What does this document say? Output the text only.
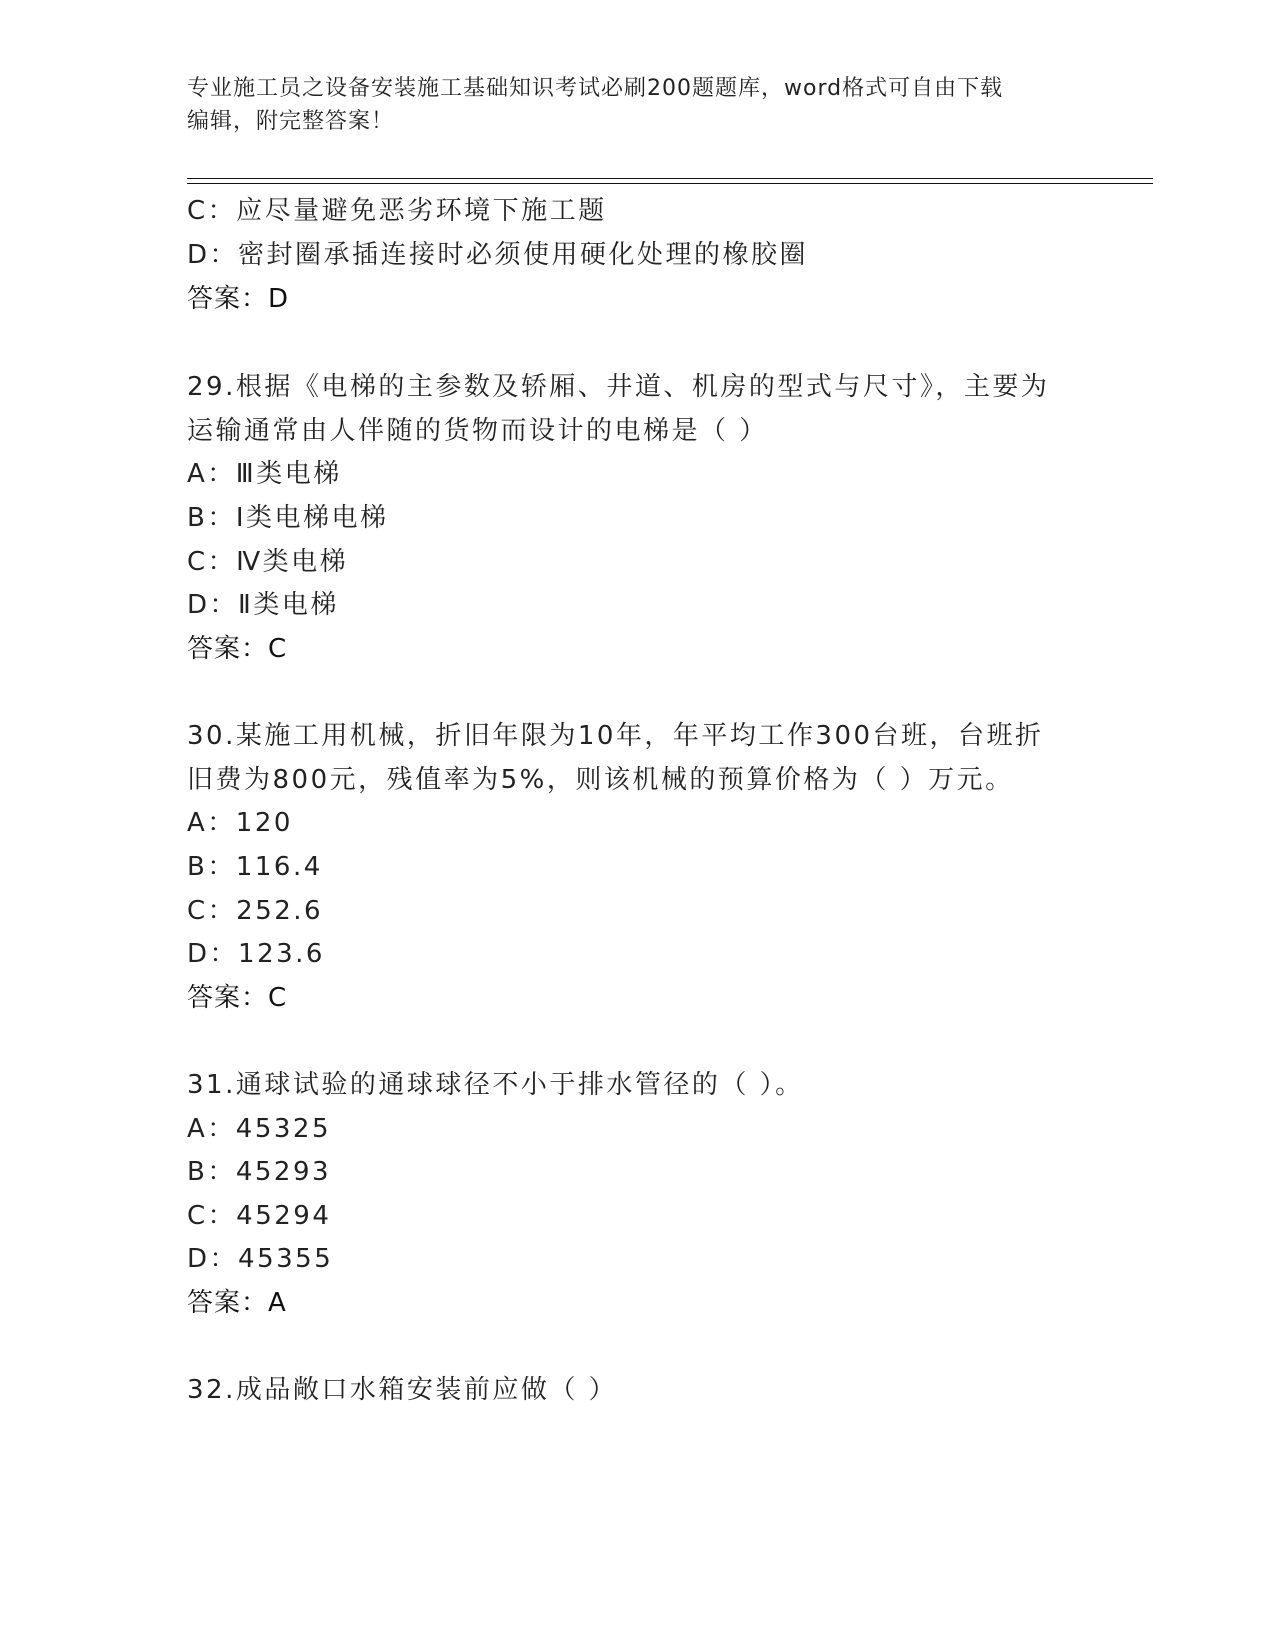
专业施工员之设备安装施工基础知识考试必刷200题题库，word格式可自由下载
编辑，附完整答案！
C：应尽量避免恶劣环境下施工题
D：密封圈承插连接时必须使用硬化处理的橡胶圈
答案：D
29.根据《电梯的主参数及轿厢、井道、机房的型式与尺寸》，主要为
运输通常由人伴随的货物而设计的电梯是（ ）
A：Ⅲ类电梯
B：Ⅰ类电梯电梯
C：Ⅳ类电梯
D：Ⅱ类电梯
答案：C
30.某施工用机械，折旧年限为10年，年平均工作300台班，台班折
旧费为800元，残值率为5%，则该机械的预算价格为（ ）万元。
A：120
B：116.4
C：252.6
D：123.6
答案：C
31.通球试验的通球球径不小于排水管径的（ ）。
A：45325
B：45293
C：45294
D：45355
答案：A
32.成品敞口水箱安装前应做（ ）
